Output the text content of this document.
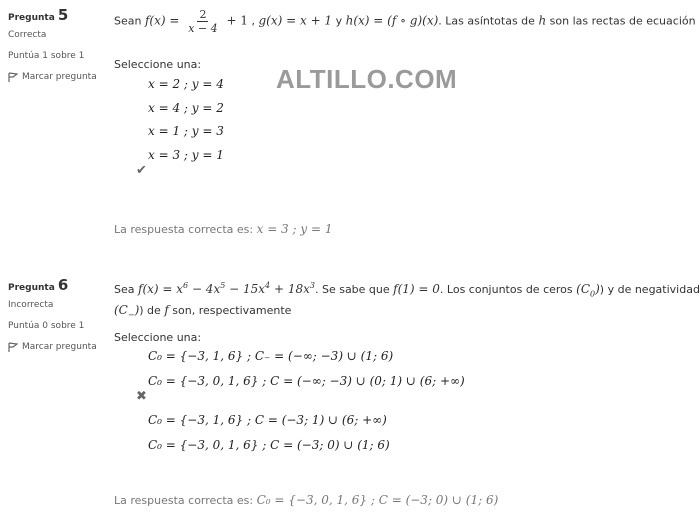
ALTILLO.COM
Pregunta 5
Correcta
Puntúa 1 sobre 1
Marcar pregunta
Sean $f(x) = \frac{2}{x - 4} + 1$ , g(x) = x + 1 y h(x) = (f ∘ g)(x). Las asíntotas de h son las rectas de ecuación
Seleccione una:
x = 2 ; y = 4
x = 4 ; y = 2
x = 1 ; y = 3
x = 3 ; y = 1
✔
La respuesta correcta es: x = 3 ; y = 1
Pregunta 6
Incorrecta
Puntúa 0 sobre 1
Marcar pregunta
Sea $f(x) = x^6 - 4x^5 - 15x^4 + 18x^3$. Se sabe que f(1) = 0. Los conjuntos de ceros $(C_0)$) y de negatividad
$(C_-)$) de f son, respectivamente
Seleccione una:
C₀ = {−3, 1, 6} ; C₋ = (−∞; −3) ∪ (1; 6)
C₀ = {−3, 0, 1, 6} ; C = (−∞; −3) ∪ (0; 1) ∪ (6; +∞)
✖
C₀ = {−3, 1, 6} ; C = (−3; 1) ∪ (6; +∞)
C₀ = {−3, 0, 1, 6} ; C = (−3; 0) ∪ (1; 6)
La respuesta correcta es: C₀ = {−3, 0, 1, 6} ; C = (−3; 0) ∪ (1; 6)
